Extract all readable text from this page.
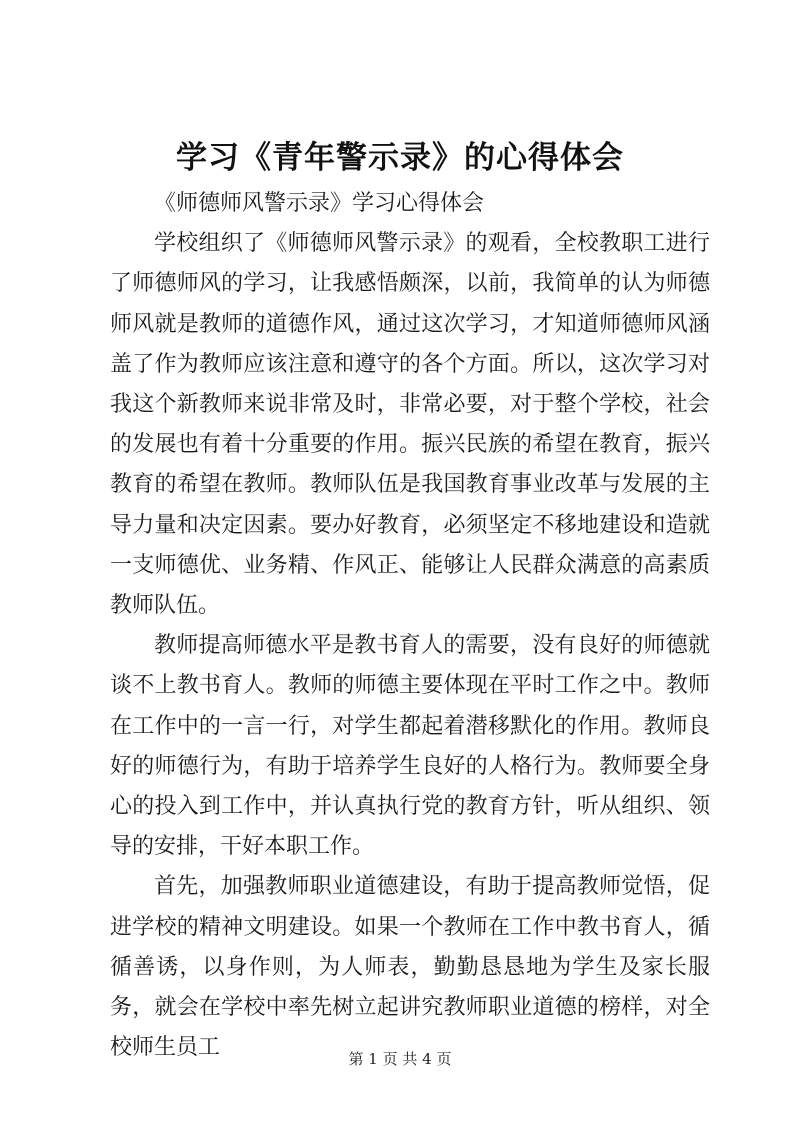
学习《青年警示录》的心得体会

《师德师风警示录》学习心得体会

学校组织了《师德师风警示录》的观看，全校教职工进行了师德师风的学习，让我感悟颇深，以前，我简单的认为师德师风就是教师的道德作风，通过这次学习，才知道师德师风涵盖了作为教师应该注意和遵守的各个方面。所以，这次学习对我这个新教师来说非常及时，非常必要，对于整个学校，社会的发展也有着十分重要的作用。振兴民族的希望在教育，振兴教育的希望在教师。教师队伍是我国教育事业改革与发展的主导力量和决定因素。要办好教育，必须坚定不移地建设和造就一支师德优、业务精、作风正、能够让人民群众满意的高素质教师队伍。

教师提高师德水平是教书育人的需要，没有良好的师德就谈不上教书育人。教师的师德主要体现在平时工作之中。教师在工作中的一言一行，对学生都起着潜移默化的作用。教师良好的师德行为，有助于培养学生良好的人格行为。教师要全身心的投入到工作中，并认真执行党的教育方针，听从组织、领导的安排，干好本职工作。

首先，加强教师职业道德建设，有助于提高教师觉悟，促进学校的精神文明建设。如果一个教师在工作中教书育人，循循善诱，以身作则，为人师表，勤勤恳恳地为学生及家长服务，就会在学校中率先树立起讲究教师职业道德的榜样，对全校师生员工	第 1 页 共 4 页
